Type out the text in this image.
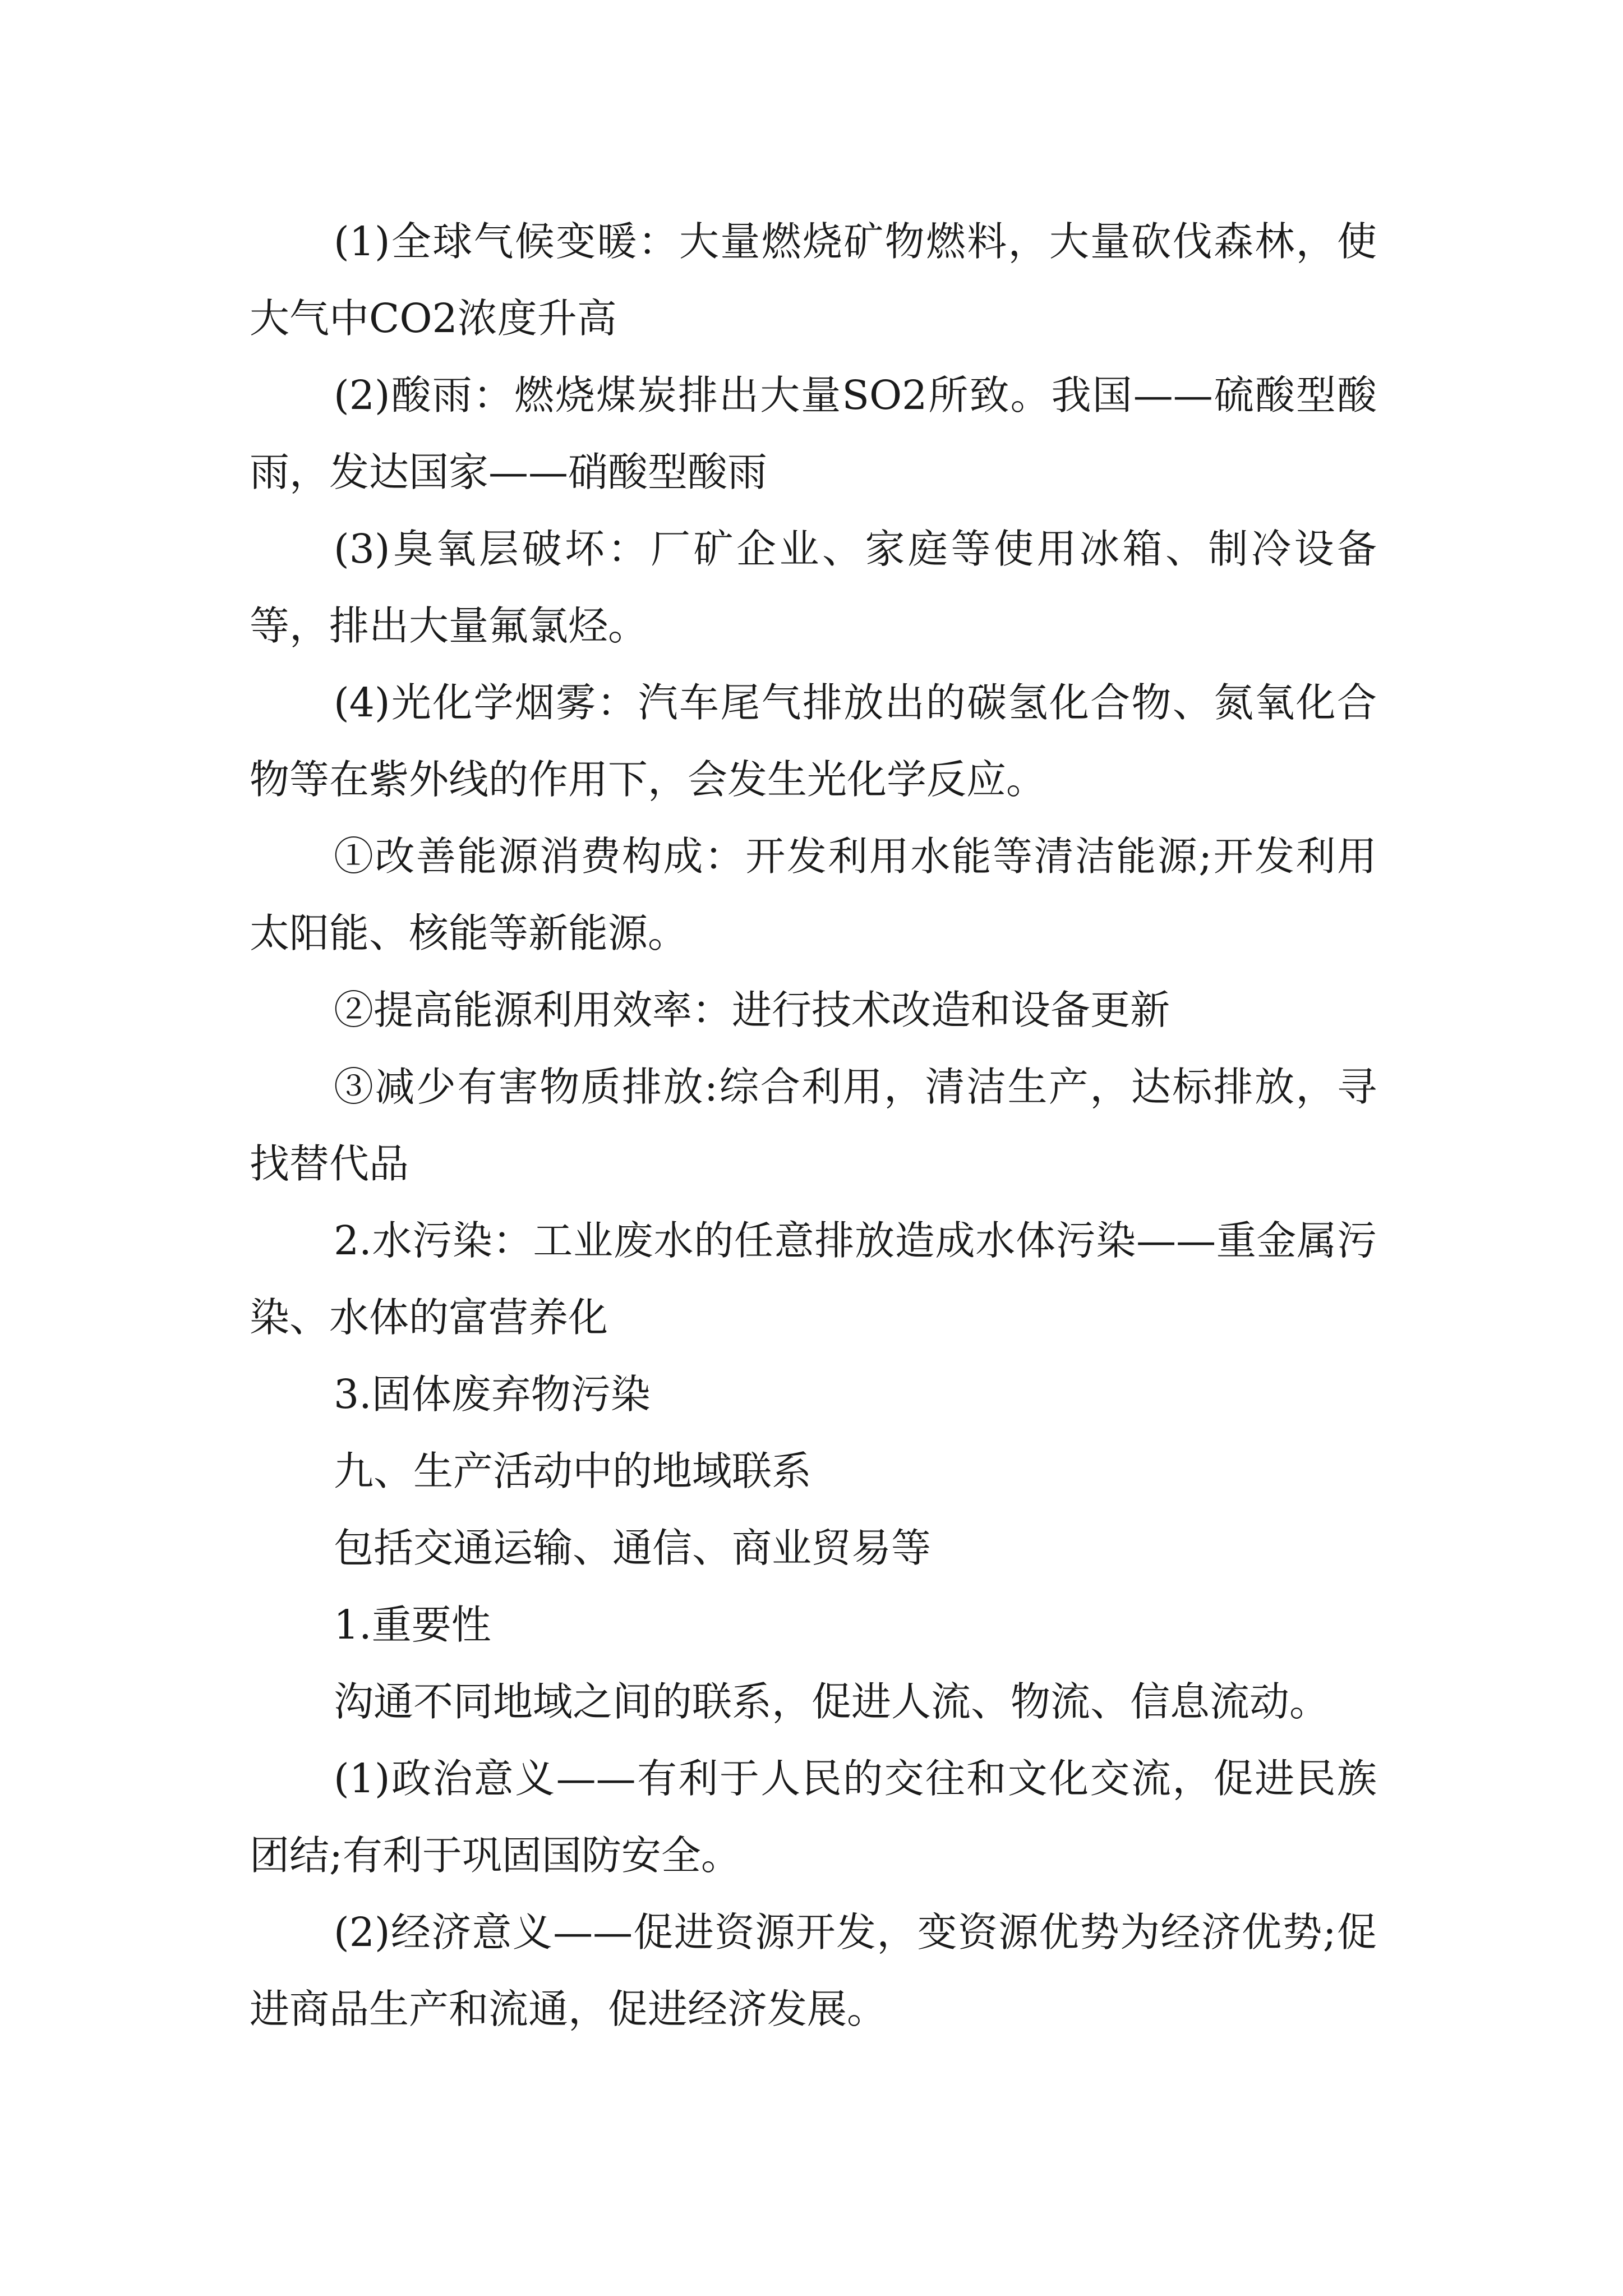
(1)全球气候变暖：大量燃烧矿物燃料，大量砍伐森林，使大气中CO2浓度升高

(2)酸雨：燃烧煤炭排出大量SO2所致。我国——硫酸型酸雨，发达国家——硝酸型酸雨

(3)臭氧层破坏：厂矿企业、家庭等使用冰箱、制冷设备等，排出大量氟氯烃。

(4)光化学烟雾：汽车尾气排放出的碳氢化合物、氮氧化合物等在紫外线的作用下，会发生光化学反应。

①改善能源消费构成：开发利用水能等清洁能源;开发利用太阳能、核能等新能源。

②提高能源利用效率：进行技术改造和设备更新

③减少有害物质排放:综合利用，清洁生产，达标排放，寻找替代品

2.水污染：工业废水的任意排放造成水体污染——重金属污染、水体的富营养化

3.固体废弃物污染

九、生产活动中的地域联系

包括交通运输、通信、商业贸易等

1.重要性

沟通不同地域之间的联系，促进人流、物流、信息流动。

(1)政治意义——有利于人民的交往和文化交流，促进民族团结;有利于巩固国防安全。

(2)经济意义——促进资源开发，变资源优势为经济优势;促进商品生产和流通，促进经济发展。
